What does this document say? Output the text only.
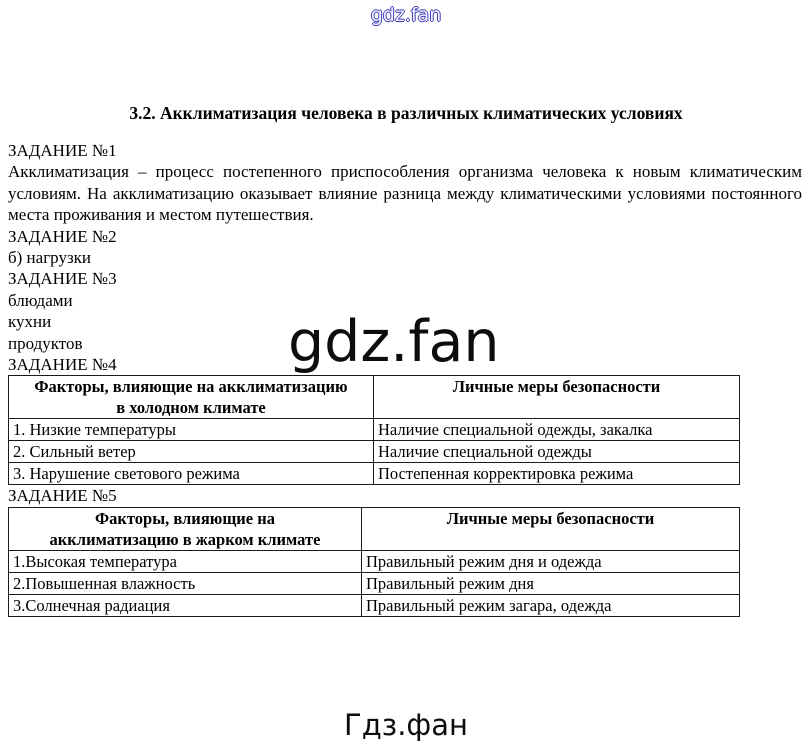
gdz.fan
3.2. Акклиматизация человека в различных климатических условиях
ЗАДАНИЕ №1
Акклиматизация – процесс постепенного приспособления организма человека к новым климатическим условиям. На акклиматизацию оказывает влияние разница между климатическими условиями постоянного места проживания и местом путешествия.
ЗАДАНИЕ №2
б) нагрузки
ЗАДАНИЕ №3
блюдами
кухни
продуктов
ЗАДАНИЕ №4
Факторы, влияющие на акклиматизацию
в холодном климате	Личные меры безопасности

1. Низкие температуры	Наличие специальной одежды, закалка
2. Сильный ветер	Наличие специальной одежды
3. Нарушение светового режима	Постепенная корректировка режима
ЗАДАНИЕ №5
Факторы, влияющие на
акклиматизацию в жарком климате	Личные меры безопасности

1.Высокая температура	Правильный режим дня и одежда
2.Повышенная влажность	Правильный режим дня
3.Солнечная радиация	Правильный режим загара, одежда
gdz.fan
Гдз.фан
